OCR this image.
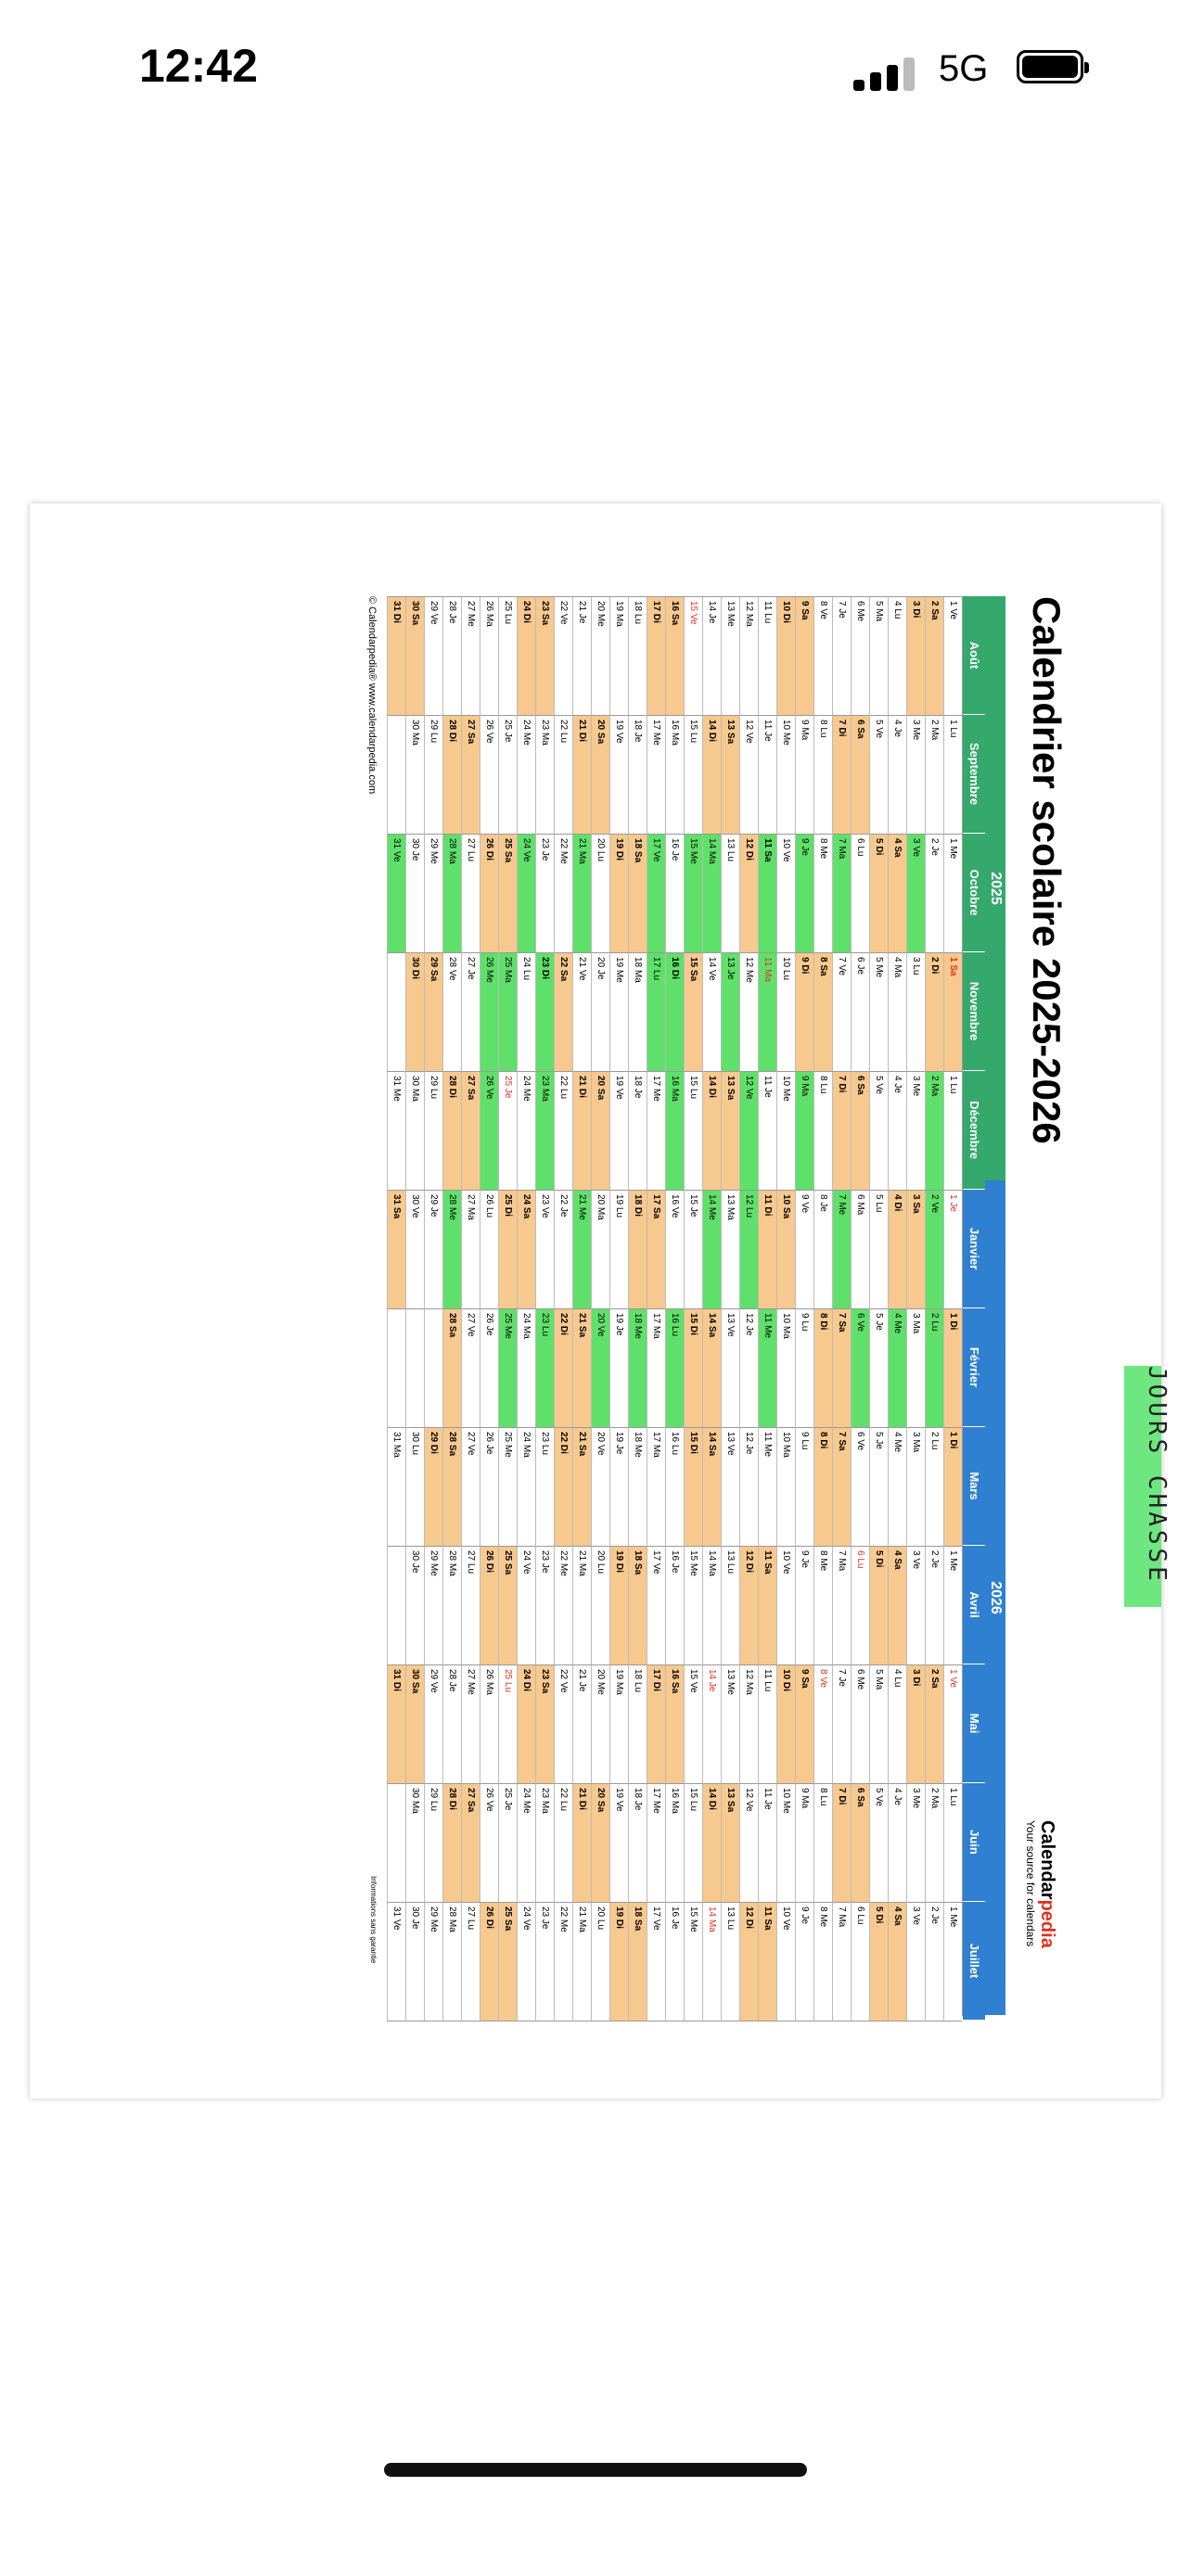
12:42	5G
Calendrier scolaire 2025-2026
Calendarpedia
Your source for calendars
2025
2026
Août
Septembre
Octobre
Novembre
Décembre
Janvier
Février
Mars
Avril
Mai
Juin
Juillet
1 Ve
2 Sa
3 Di
4 Lu
5 Ma
6 Me
7 Je
8 Ve
9 Sa
10 Di
11 Lu
12 Ma
13 Me
14 Je
15 Ve
16 Sa
17 Di
18 Lu
19 Ma
20 Me
21 Je
22 Ve
23 Sa
24 Di
25 Lu
26 Ma
27 Me
28 Je
29 Ve
30 Sa
31 Di
1 Lu
2 Ma
3 Me
4 Je
5 Ve
6 Sa
7 Di
8 Lu
9 Ma
10 Me
11 Je
12 Ve
13 Sa
14 Di
15 Lu
16 Ma
17 Me
18 Je
19 Ve
20 Sa
21 Di
22 Lu
23 Ma
24 Me
25 Je
26 Ve
27 Sa
28 Di
29 Lu
30 Ma
1 Me
2 Je
3 Ve
4 Sa
5 Di
6 Lu
7 Ma
8 Me
9 Je
10 Ve
11 Sa
12 Di
13 Lu
14 Ma
15 Me
16 Je
17 Ve
18 Sa
19 Di
20 Lu
21 Ma
22 Me
23 Je
24 Ve
25 Sa
26 Di
27 Lu
28 Ma
29 Me
30 Je
31 Ve
1 Sa
2 Di
3 Lu
4 Ma
5 Me
6 Je
7 Ve
8 Sa
9 Di
10 Lu
11 Ma
12 Me
13 Je
14 Ve
15 Sa
16 Di
17 Lu
18 Ma
19 Me
20 Je
21 Ve
22 Sa
23 Di
24 Lu
25 Ma
26 Me
27 Je
28 Ve
29 Sa
30 Di
1 Lu
2 Ma
3 Me
4 Je
5 Ve
6 Sa
7 Di
8 Lu
9 Ma
10 Me
11 Je
12 Ve
13 Sa
14 Di
15 Lu
16 Ma
17 Me
18 Je
19 Ve
20 Sa
21 Di
22 Lu
23 Ma
24 Me
25 Je
26 Ve
27 Sa
28 Di
29 Lu
30 Ma
31 Me
1 Je
2 Ve
3 Sa
4 Di
5 Lu
6 Ma
7 Me
8 Je
9 Ve
10 Sa
11 Di
12 Lu
13 Ma
14 Me
15 Je
16 Ve
17 Sa
18 Di
19 Lu
20 Ma
21 Me
22 Je
23 Ve
24 Sa
25 Di
26 Lu
27 Ma
28 Me
29 Je
30 Ve
31 Sa
1 Di
2 Lu
3 Ma
4 Me
5 Je
6 Ve
7 Sa
8 Di
9 Lu
10 Ma
11 Me
12 Je
13 Ve
14 Sa
15 Di
16 Lu
17 Ma
18 Me
19 Je
20 Ve
21 Sa
22 Di
23 Lu
24 Ma
25 Me
26 Je
27 Ve
28 Sa
1 Di
2 Lu
3 Ma
4 Me
5 Je
6 Ve
7 Sa
8 Di
9 Lu
10 Ma
11 Me
12 Je
13 Ve
14 Sa
15 Di
16 Lu
17 Ma
18 Me
19 Je
20 Ve
21 Sa
22 Di
23 Lu
24 Ma
25 Me
26 Je
27 Ve
28 Sa
29 Di
30 Lu
31 Ma
1 Me
2 Je
3 Ve
4 Sa
5 Di
6 Lu
7 Ma
8 Me
9 Je
10 Ve
11 Sa
12 Di
13 Lu
14 Ma
15 Me
16 Je
17 Ve
18 Sa
19 Di
20 Lu
21 Ma
22 Me
23 Je
24 Ve
25 Sa
26 Di
27 Lu
28 Ma
29 Me
30 Je
1 Ve
2 Sa
3 Di
4 Lu
5 Ma
6 Me
7 Je
8 Ve
9 Sa
10 Di
11 Lu
12 Ma
13 Me
14 Je
15 Ve
16 Sa
17 Di
18 Lu
19 Ma
20 Me
21 Je
22 Ve
23 Sa
24 Di
25 Lu
26 Ma
27 Me
28 Je
29 Ve
30 Sa
31 Di
1 Lu
2 Ma
3 Me
4 Je
5 Ve
6 Sa
7 Di
8 Lu
9 Ma
10 Me
11 Je
12 Ve
13 Sa
14 Di
15 Lu
16 Ma
17 Me
18 Je
19 Ve
20 Sa
21 Di
22 Lu
23 Ma
24 Me
25 Je
26 Ve
27 Sa
28 Di
29 Lu
30 Ma
1 Me
2 Je
3 Ve
4 Sa
5 Di
6 Lu
7 Ma
8 Me
9 Je
10 Ve
11 Sa
12 Di
13 Lu
14 Ma
15 Me
16 Je
17 Ve
18 Sa
19 Di
20 Lu
21 Ma
22 Me
23 Je
24 Ve
25 Sa
26 Di
27 Lu
28 Ma
29 Me
30 Je
31 Ve
© Calendarpedia® www.calendarpedia.com
Informations sans garantie
JOURS CHASSE
